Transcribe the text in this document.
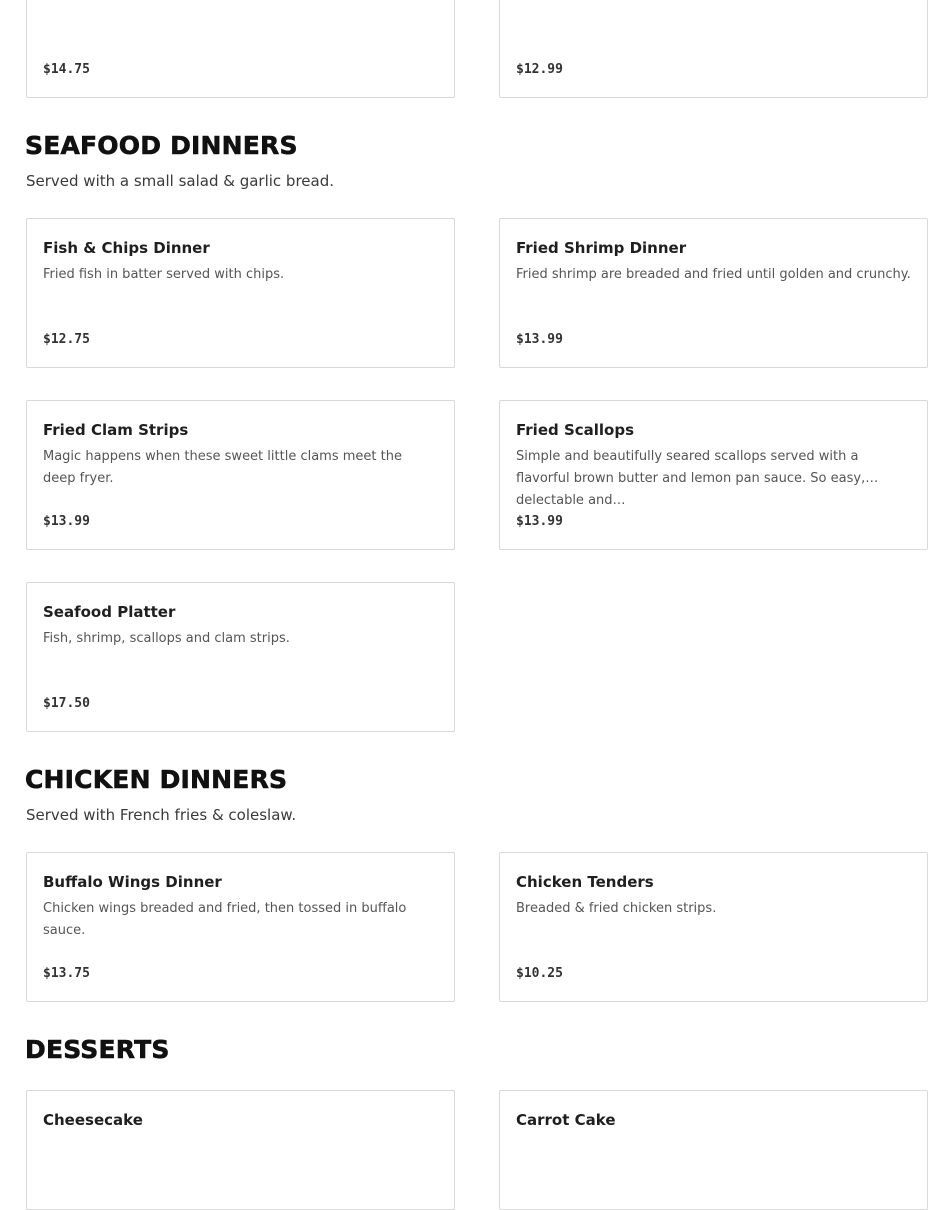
$14.75	$12.99
SEAFOOD DINNERS

Served with a small salad & garlic bread.

Fish & Chips Dinner
Fried fish in batter served with chips.
$12.75
Fried Shrimp Dinner
Fried shrimp are breaded and fried until golden and crunchy.
$13.99
Fried Clam Strips
Magic happens when these sweet little clams meet the deep fryer.
$13.99
Fried Scallops
Simple and beautifully seared scallops served with a flavorful brown butter and lemon pan sauce. So easy, delectable and…
$13.99
Seafood Platter
Fish, shrimp, scallops and clam strips.
$17.50
CHICKEN DINNERS

Served with French fries & coleslaw.

Buffalo Wings Dinner
Chicken wings breaded and fried, then tossed in buffalo sauce.
$13.75
Chicken Tenders
Breaded & fried chicken strips.
$10.25
DESSERTS
Cheesecake	Carrot Cake
